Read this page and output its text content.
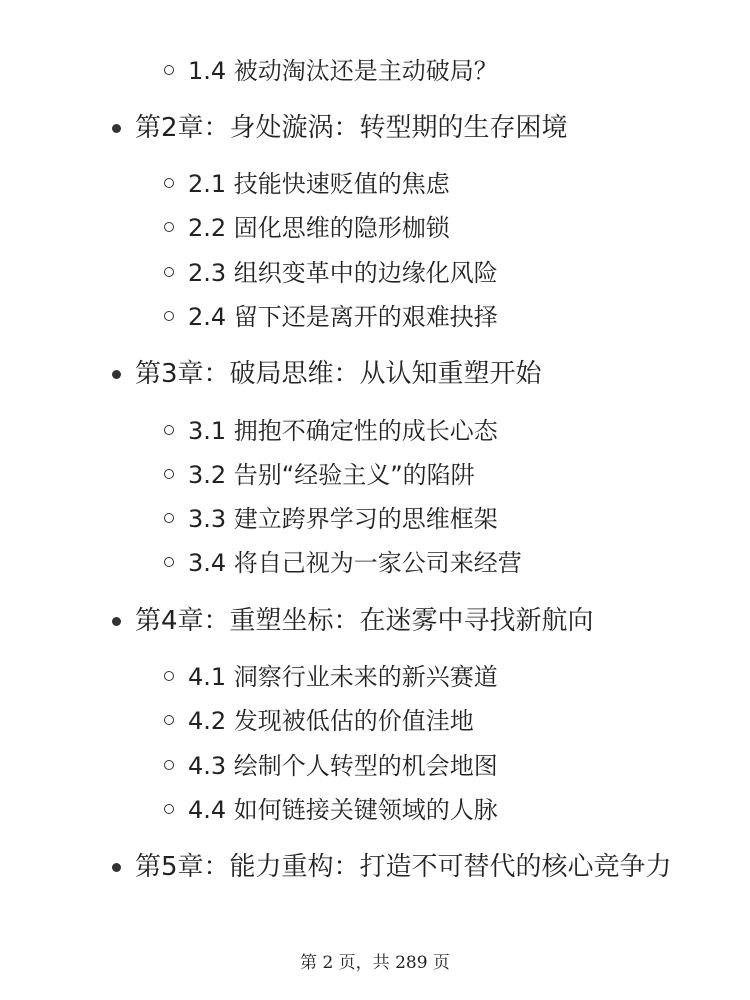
1.4 被动淘汰还是主动破局？
第2章：身处漩涡：转型期的生存困境
2.1 技能快速贬值的焦虑
2.2 固化思维的隐形枷锁
2.3 组织变革中的边缘化风险
2.4 留下还是离开的艰难抉择
第3章：破局思维：从认知重塑开始
3.1 拥抱不确定性的成长心态
3.2 告别“经验主义”的陷阱
3.3 建立跨界学习的思维框架
3.4 将自己视为一家公司来经营
第4章：重塑坐标：在迷雾中寻找新航向
4.1 洞察行业未来的新兴赛道
4.2 发现被低估的价值洼地
4.3 绘制个人转型的机会地图
4.4 如何链接关键领域的人脉
第5章：能力重构：打造不可替代的核心竞争力
第 2 页，共 289 页
